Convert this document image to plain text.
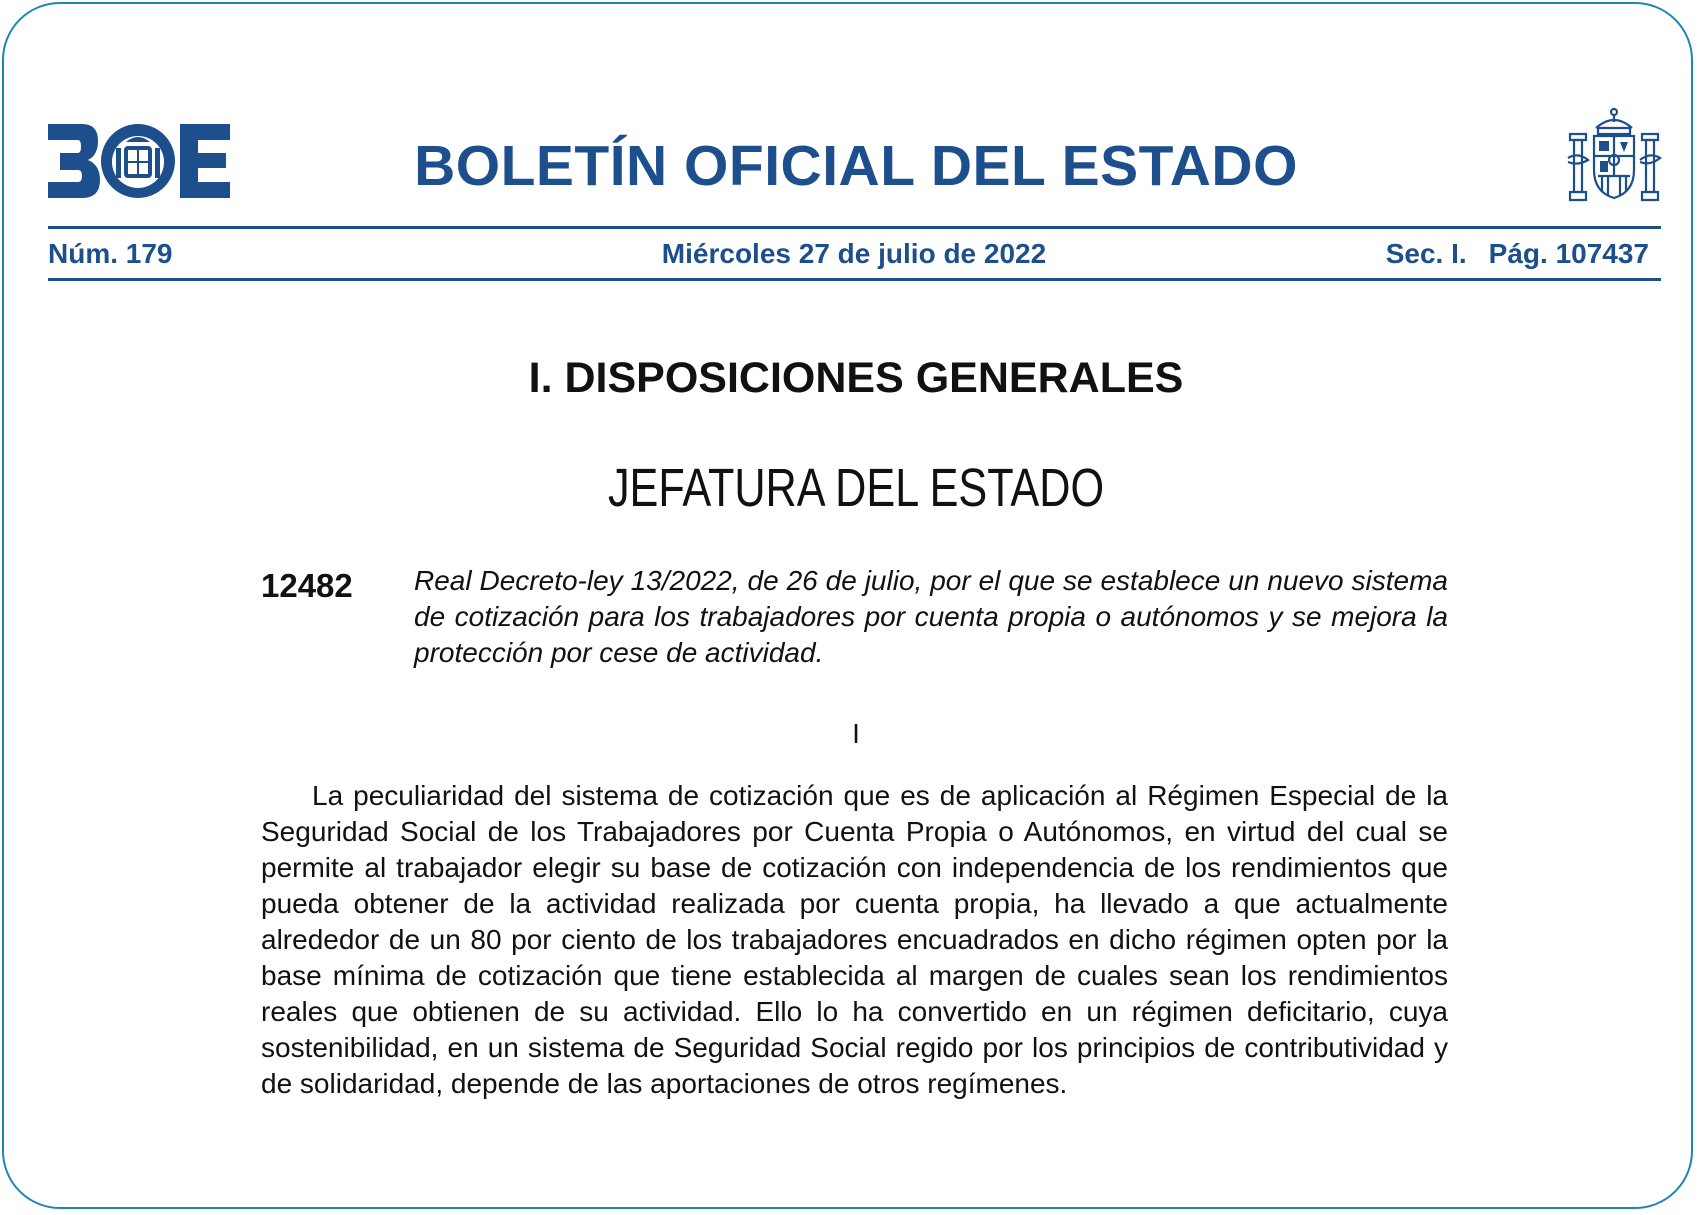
BOLETÍN OFICIAL DEL ESTADO
Núm. 179	Miércoles 27 de julio de 2022	Sec. I. Pág. 107437
I. DISPOSICIONES GENERALES
JEFATURA DEL ESTADO
12482 Real Decreto-ley 13/2022, de 26 de julio, por el que se establece un nuevo sistema de cotización para los trabajadores por cuenta propia o autónomos y se mejora la protección por cese de actividad.
I

La peculiaridad del sistema de cotización que es de aplicación al Régimen Especial de la Seguridad Social de los Trabajadores por Cuenta Propia o Autónomos, en virtud del cual se permite al trabajador elegir su base de cotización con independencia de los rendimientos que pueda obtener de la actividad realizada por cuenta propia, ha llevado a que actualmente alrededor de un 80 por ciento de los trabajadores encuadrados en dicho régimen opten por la base mínima de cotización que tiene establecida al margen de cuales sean los rendimientos reales que obtienen de su actividad. Ello lo ha convertido en un régimen deficitario, cuya sostenibilidad, en un sistema de Seguridad Social regido por los principios de contributividad y de solidaridad, depende de las aportaciones de otros regímenes.
